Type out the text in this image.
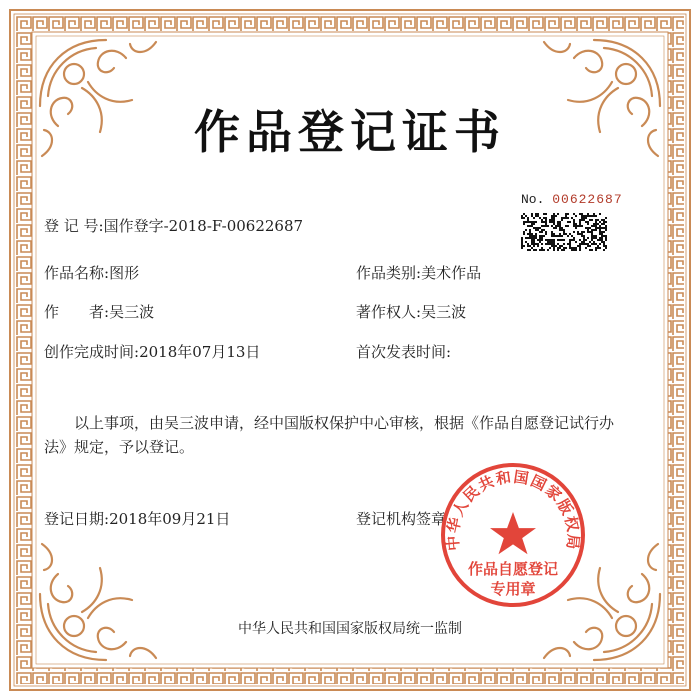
作品登记证书
No. 00622687
登 记 号:国作登字-2018-F-00622687
作品名称:图形	作品类别:美术作品
作　　者:吴三波	著作权人:吴三波
创作完成时间:2018年07月13日	首次发表时间:
以上事项，由吴三波申请，经中国版权保护中心审核，根据《作品自愿登记试行办法》规定，予以登记。
登记日期:2018年09月21日	登记机构签章
中华人民共和国国家版权局
作品自愿登记
专用章
中华人民共和国国家版权局统一监制
